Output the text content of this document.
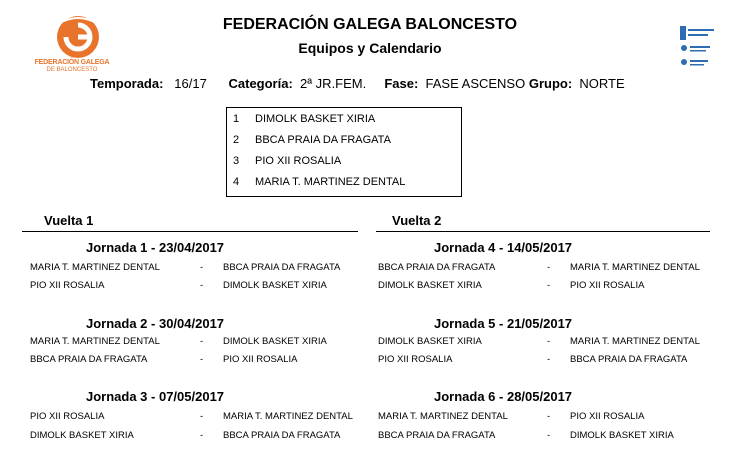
FEDERACIÓN GALEGA
DE BALONCESTO
FEDERACIÓN GALEGA BALONCESTO
Equipos y Calendario
Temporada: 16/17 Categoría: 2ª JR.FEM. Fase: FASE ASCENSO Grupo: NORTE
1 DIMOLK BASKET XIRIA
2 BBCA PRAIA DA FRAGATA
3 PIO XII ROSALIA
4 MARIA T. MARTINEZ DENTAL
Vuelta 1	Vuelta 2
Jornada 1 - 23/04/2017
MARIA T. MARTINEZ DENTAL	- BBCA PRAIA DA FRAGATA
PIO XII ROSALIA	- DIMOLK BASKET XIRIA
Jornada 2 - 30/04/2017
MARIA T. MARTINEZ DENTAL	- DIMOLK BASKET XIRIA
BBCA PRAIA DA FRAGATA	- PIO XII ROSALIA
Jornada 3 - 07/05/2017
PIO XII ROSALIA	- MARIA T. MARTINEZ DENTAL
DIMOLK BASKET XIRIA	- BBCA PRAIA DA FRAGATA
Jornada 4 - 14/05/2017
BBCA PRAIA DA FRAGATA	- MARIA T. MARTINEZ DENTAL
DIMOLK BASKET XIRIA	- PIO XII ROSALIA
Jornada 5 - 21/05/2017
DIMOLK BASKET XIRIA	- MARIA T. MARTINEZ DENTAL
PIO XII ROSALIA	- BBCA PRAIA DA FRAGATA
Jornada 6 - 28/05/2017
MARIA T. MARTINEZ DENTAL	- PIO XII ROSALIA
BBCA PRAIA DA FRAGATA	- DIMOLK BASKET XIRIA
